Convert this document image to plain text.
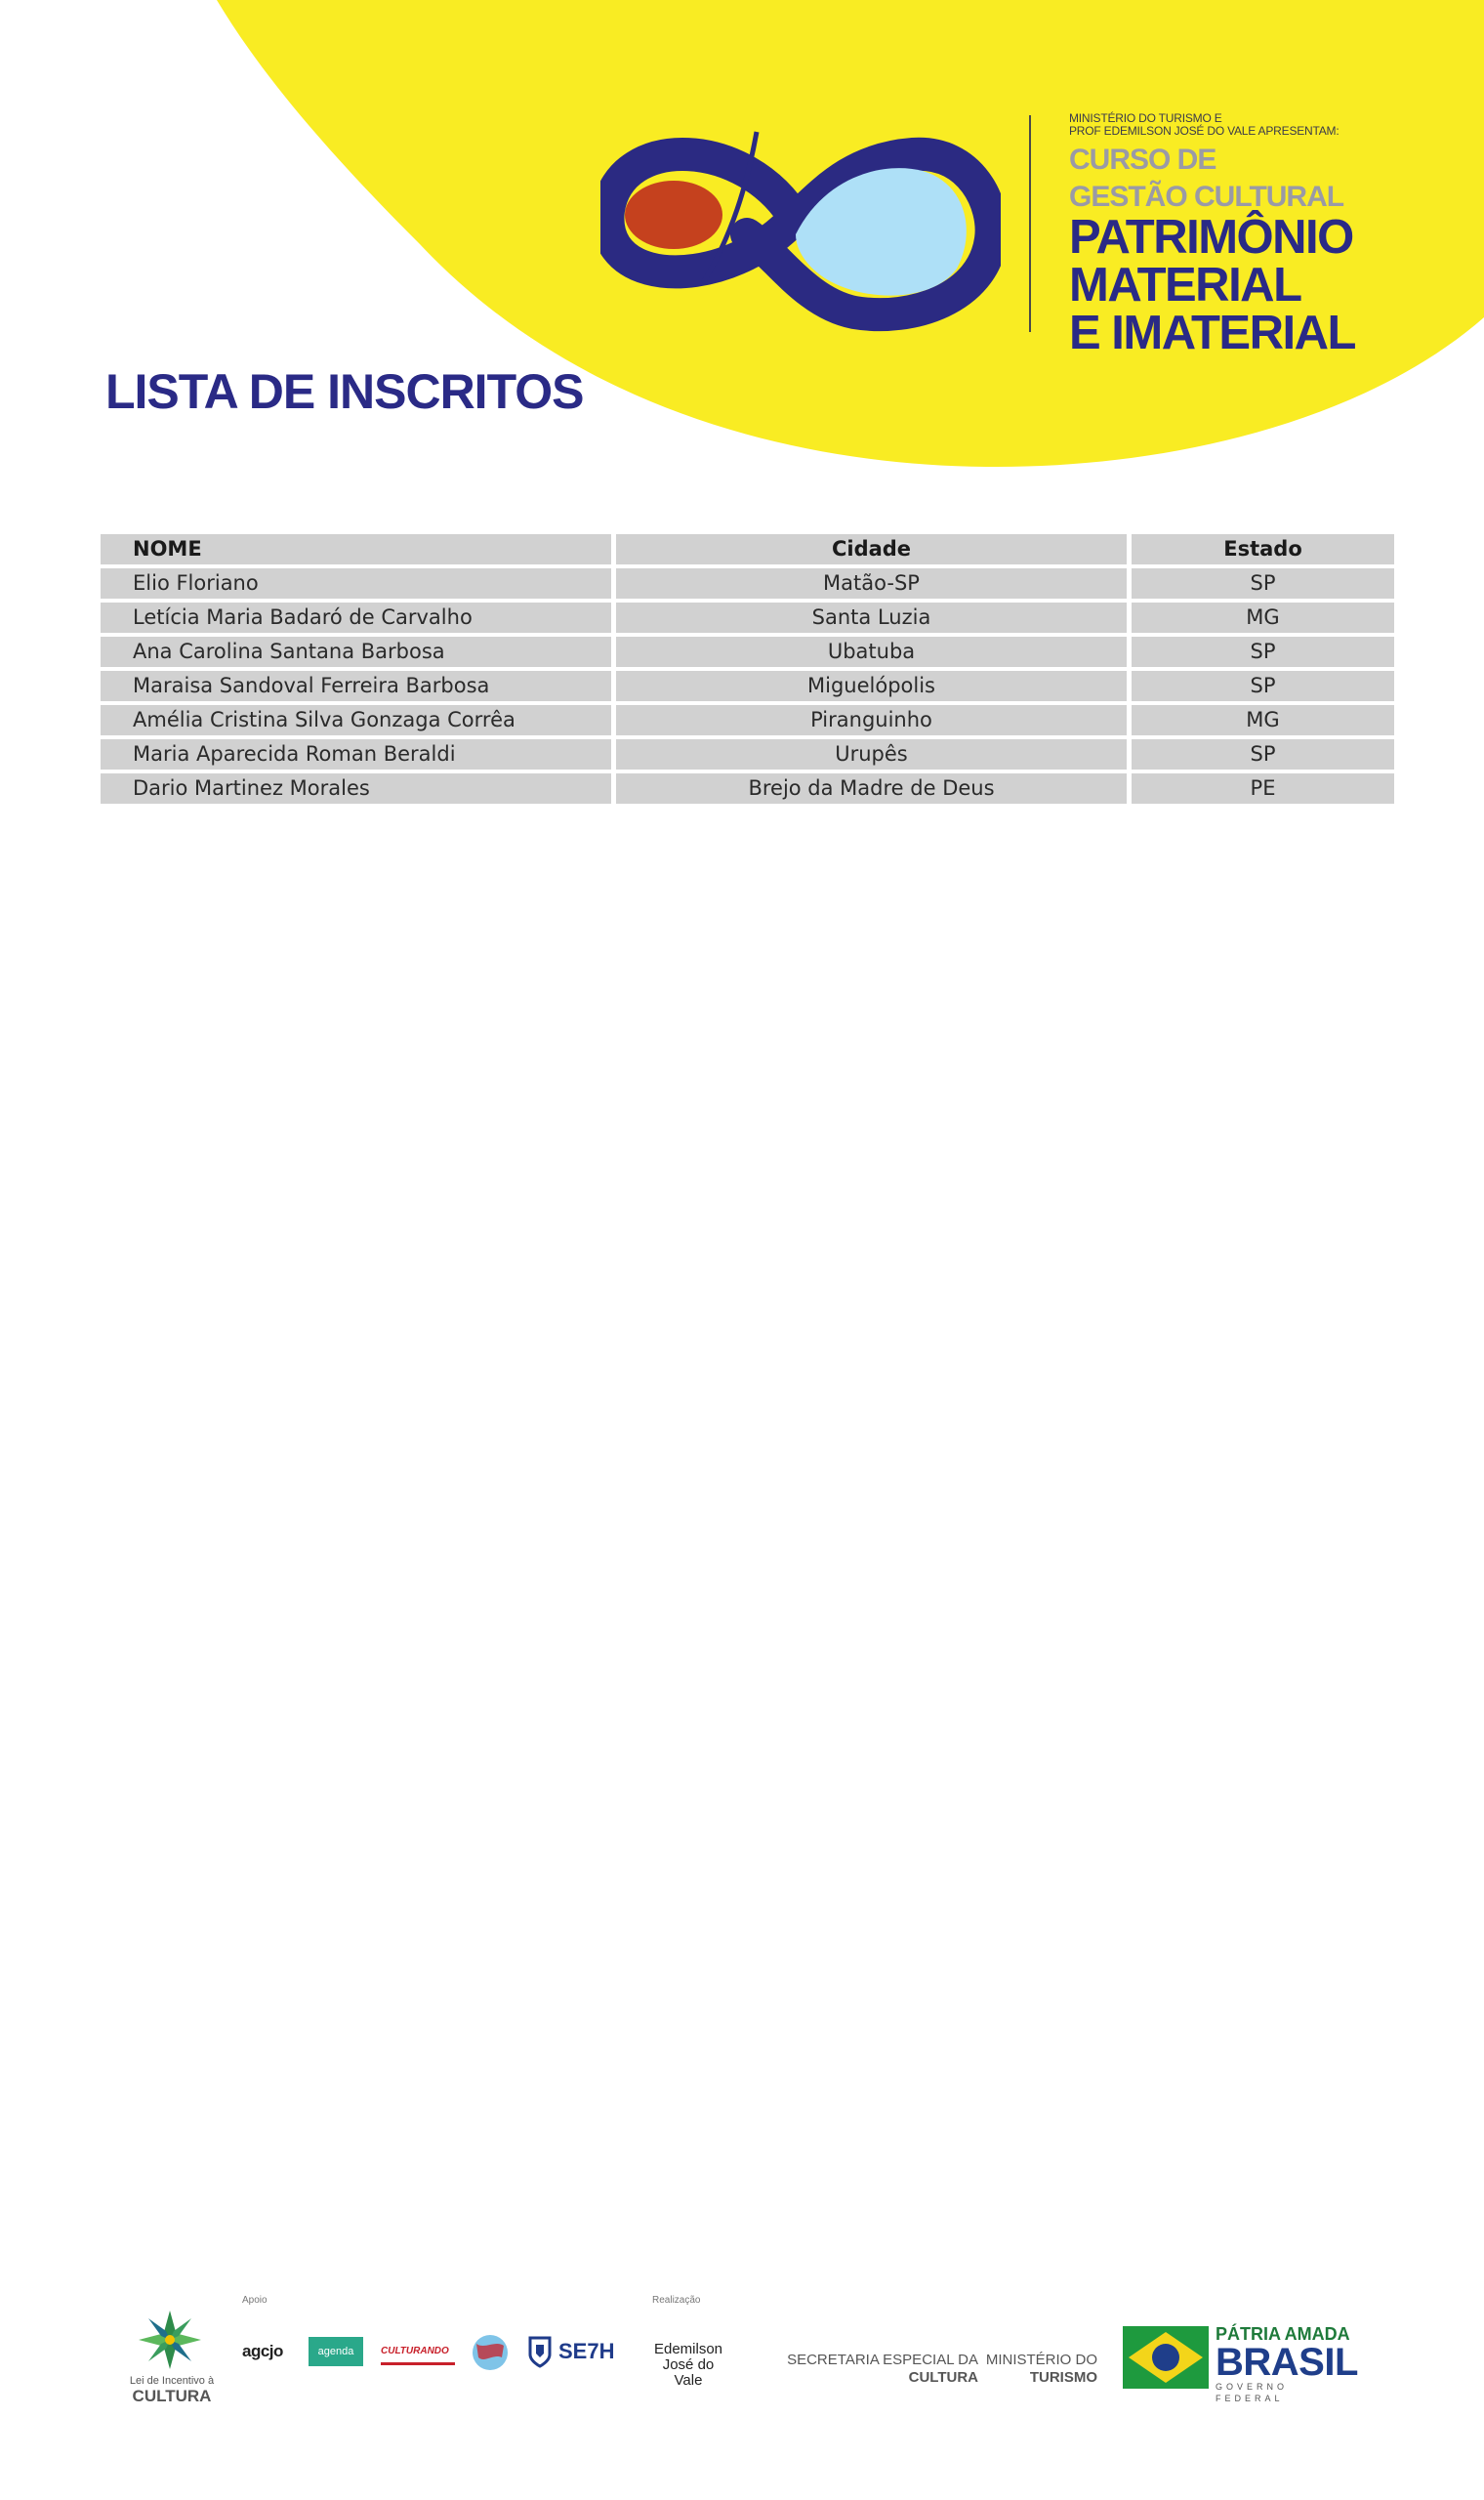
MINISTÉRIO DO TURISMO E
PROF EDEMILSON JOSÉ DO VALE APRESENTAM:
CURSO DE
GESTÃO CULTURAL
PATRIMÔNIO
MATERIAL
E IMATERIAL
LISTA DE INSCRITOS
NOME	Cidade	Estado
Elio Floriano	Matão-SP	SP
Letícia Maria Badaró de Carvalho	Santa Luzia	MG
Ana Carolina Santana Barbosa	Ubatuba	SP
Maraisa Sandoval Ferreira Barbosa	Miguelópolis	SP
Amélia Cristina Silva Gonzaga Corrêa	Piranguinho	MG
Maria Aparecida Roman Beraldi	Urupês	SP
Dario Martinez Morales	Brejo da Madre de Deus	PE
Lei de Incentivo à
CULTURA
Apoio
agcjo	agenda	CULTURANDO	SE7H
Realização
Edemilson
José do Vale
SECRETARIA ESPECIAL DA
CULTURA
MINISTÉRIO DO
TURISMO
PÁTRIA AMADA
BRASIL
GOVERNO FEDERAL
